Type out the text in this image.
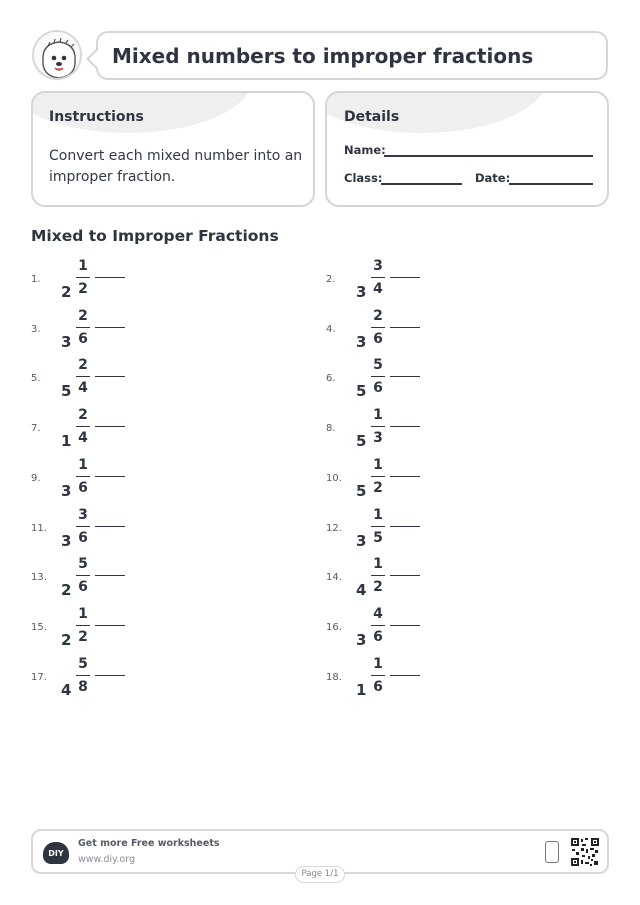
Mixed numbers to improper fractions
Instructions
Convert each mixed number into an improper fraction.
Details
Name:
Class:	Date:
Mixed to Improper Fractions
1.
2
1
2
2.
3
3
4
3.
3
2
6
4.
3
2
6
5.
5
2
4
6.
5
5
6
7.
1
2
4
8.
5
1
3
9.
3
1
6
10.
5
1
2
11.
3
3
6
12.
3
1
5
13.
2
5
6
14.
4
1
2
15.
2
1
2
16.
3
4
6
17.
4
5
8
18.
1
1
6
DIY
Get more Free worksheets
www.diy.org
Page 1/1
